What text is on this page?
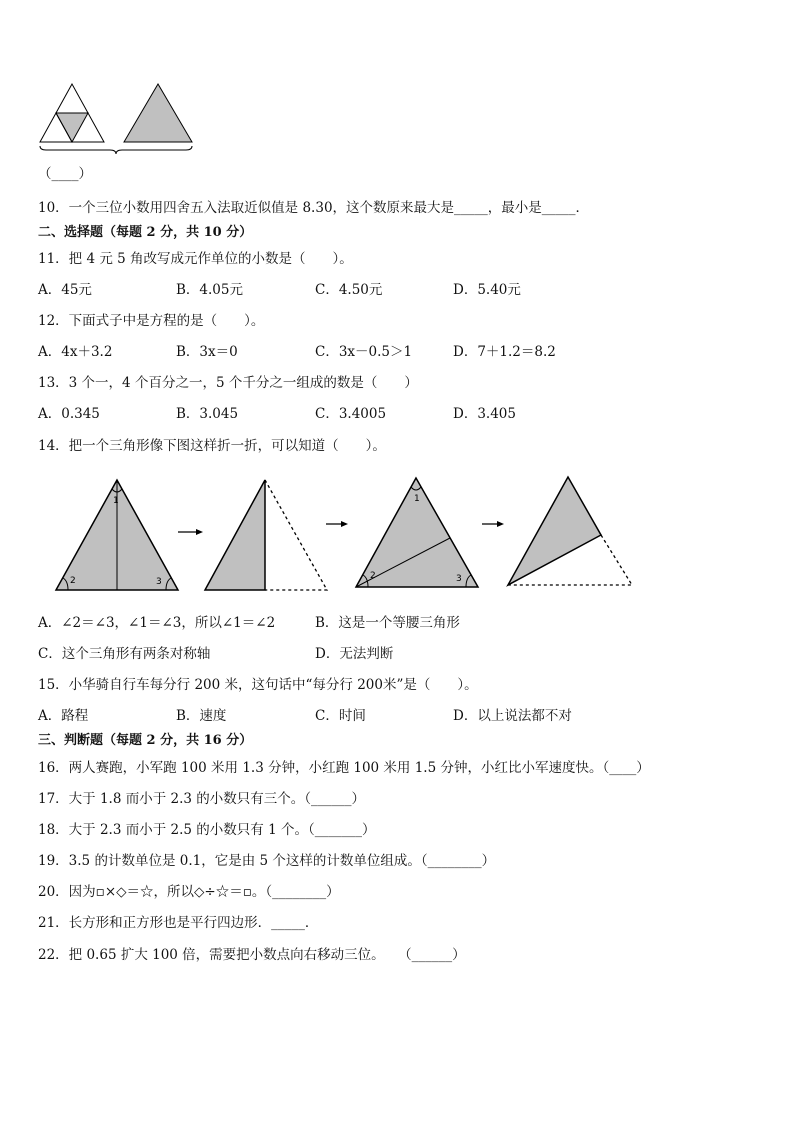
（____）
10．一个三位小数用四舍五入法取近似值是 8.30，这个数原来最大是_____，最小是_____．
二、选择题（每题 2 分，共 10 分）
11．把 4 元 5 角改写成元作单位的小数是（　　）。
A．45元	B．4.05元	C．4.50元	D．5.40元
12．下面式子中是方程的是（　　）。
A．4x＋3.2	B．3x＝0	C．3x－0.5＞1	D．7＋1.2＝8.2
13．3 个一，4 个百分之一，5 个千分之一组成的数是（　　）
A．0.345	B．3.045	C．3.4005	D．3.405
14．把一个三角形像下图这样折一折，可以知道（　　）。
1
2	3
1
2	3
A．∠2＝∠3，∠1＝∠3，所以∠1＝∠2	B．这是一个等腰三角形
C．这个三角形有两条对称轴	D．无法判断
15．小华骑自行车每分行 200 米，这句话中“每分行 200米”是（　　）。
A．路程	B．速度	C．时间	D．以上说法都不对
三、判断题（每题 2 分，共 16 分）
16．两人赛跑，小军跑 100 米用 1.3 分钟，小红跑 100 米用 1.5 分钟，小红比小军速度快。（____）
17．大于 1.8 而小于 2.3 的小数只有三个。（______）
18．大于 2.3 而小于 2.5 的小数只有 1 个。（_______）
19．3.5 的计数单位是 0.1，它是由 5 个这样的计数单位组成。（________）
20．因为▫×◇＝☆，所以◇÷☆＝▫。（________）
21．长方形和正方形也是平行四边形．_____．
22．把 0.65 扩大 100 倍，需要把小数点向右移动三位。　　（______）
